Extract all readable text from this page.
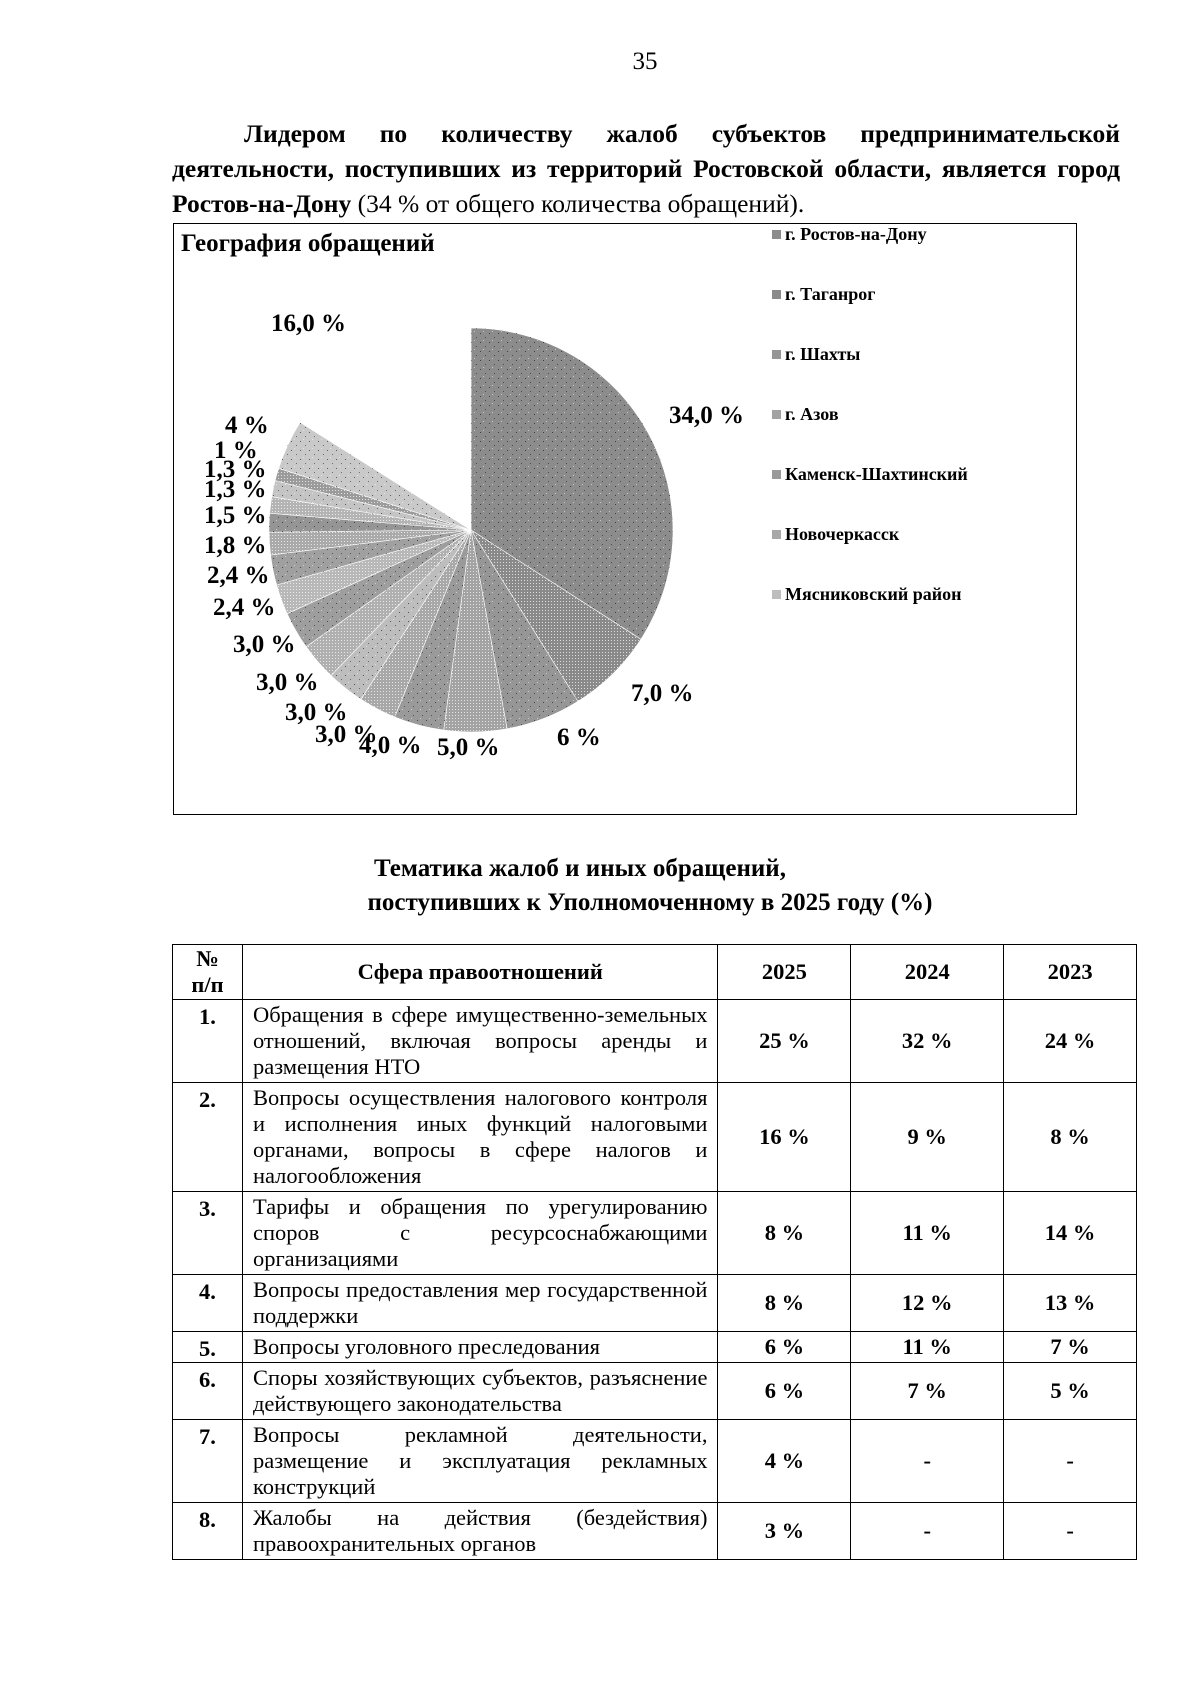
35
Лидером по количеству жалоб субъектов предпринимательской деятельности, поступивших из территорий Ростовской области, является город Ростов-на-Дону (34 % от общего количества обращений).
34,0 %
7,0 %
6 %
5,0 %
4,0 %
3,0 %
3,0 %
3,0 %
3,0 %
2,4 %
2,4 %
1,8 %
1,5 %
1,3 %
1,3 %
1 %
4 %
16,0 %
География обращений	г. Ростов-на-Дону
г. Таганрог
г. Шахты
г. Азов
Каменск-Шахтинский
Новочеркасск
Мясниковский район
Тематика жалоб и иных обращений,
поступивших к Уполномоченному в 2025 году (%)
№ п/п	Сфера правоотношений	2025	2024	2023
1.	Обращения в сфере имущественно-земельных отношений, включая вопросы аренды и размещения НТО	25 %	32 %	24 %
2.	Вопросы осуществления налогового контроля и исполнения иных функций налоговыми органами, вопросы в сфере налогов и налогообложения	16 %	9 %	8 %
3.	Тарифы и обращения по урегулированию споров с ресурсоснабжающими организациями	8 %	11 %	14 %
4.	Вопросы предоставления мер государственной поддержки	8 %	12 %	13 %
5.	Вопросы уголовного преследования	6 %	11 %	7 %
6.	Споры хозяйствующих субъектов, разъяснение действующего законодательства	6 %	7 %	5 %
7.	Вопросы рекламной деятельности, размещение и эксплуатация рекламных конструкций	4 %	-	-
8.	Жалобы на действия (бездействия) правоохранительных органов	3 %	-	-
